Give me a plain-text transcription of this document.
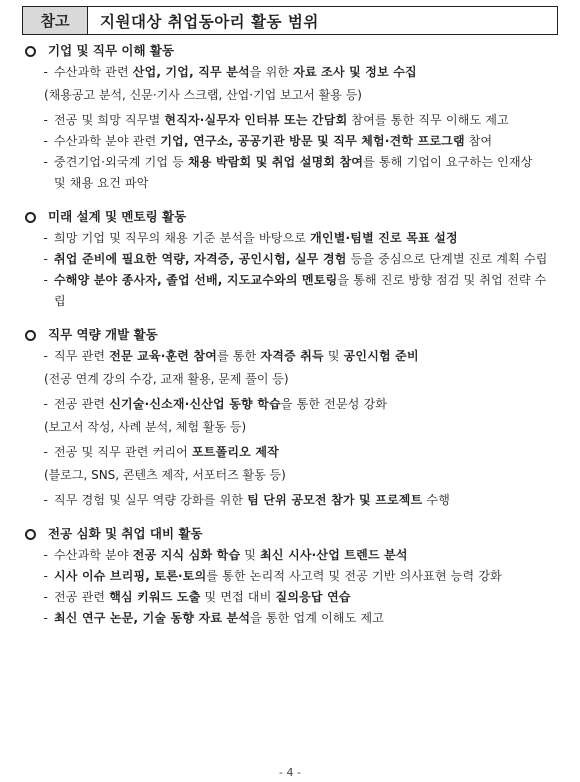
참고	지원대상 취업동아리 활동 범위
기업 및 직무 이해 활동
- 수산과학 관련 산업, 기업, 직무 분석을 위한 자료 조사 및 정보 수집
(채용공고 분석, 신문·기사 스크랩, 산업·기업 보고서 활용 등)
- 전공 및 희망 직무별 현직자·실무자 인터뷰 또는 간담회 참여를 통한 직무 이해도 제고
- 수산과학 분야 관련 기업, 연구소, 공공기관 방문 및 직무 체험·견학 프로그램 참여
- 중견기업·외국계 기업 등 채용 박람회 및 취업 설명회 참여를 통해 기업이 요구하는 인재상 및 채용 요건 파악
미래 설계 및 멘토링 활동
- 희망 기업 및 직무의 채용 기준 분석을 바탕으로 개인별·팀별 진로 목표 설정
- 취업 준비에 필요한 역량, 자격증, 공인시험, 실무 경험 등을 중심으로 단계별 진로 계획 수립
- 수해양 분야 종사자, 졸업 선배, 지도교수와의 멘토링을 통해 진로 방향 점검 및 취업 전략 수립
직무 역량 개발 활동
- 직무 관련 전문 교육·훈련 참여를 통한 자격증 취득 및 공인시험 준비
(전공 연계 강의 수강, 교재 활용, 문제 풀이 등)
- 전공 관련 신기술·신소재·신산업 동향 학습을 통한 전문성 강화
(보고서 작성, 사례 분석, 체험 활동 등)
- 전공 및 직무 관련 커리어 포트폴리오 제작
(블로그, SNS, 콘텐츠 제작, 서포터즈 활동 등)
- 직무 경험 및 실무 역량 강화를 위한 팀 단위 공모전 참가 및 프로젝트 수행
전공 심화 및 취업 대비 활동
- 수산과학 분야 전공 지식 심화 학습 및 최신 시사·산업 트렌드 분석
- 시사 이슈 브리핑, 토론·토의를 통한 논리적 사고력 및 전공 기반 의사표현 능력 강화
- 전공 관련 핵심 키워드 도출 및 면접 대비 질의응답 연습
- 최신 연구 논문, 기술 동향 자료 분석을 통한 업계 이해도 제고
- 4 -
